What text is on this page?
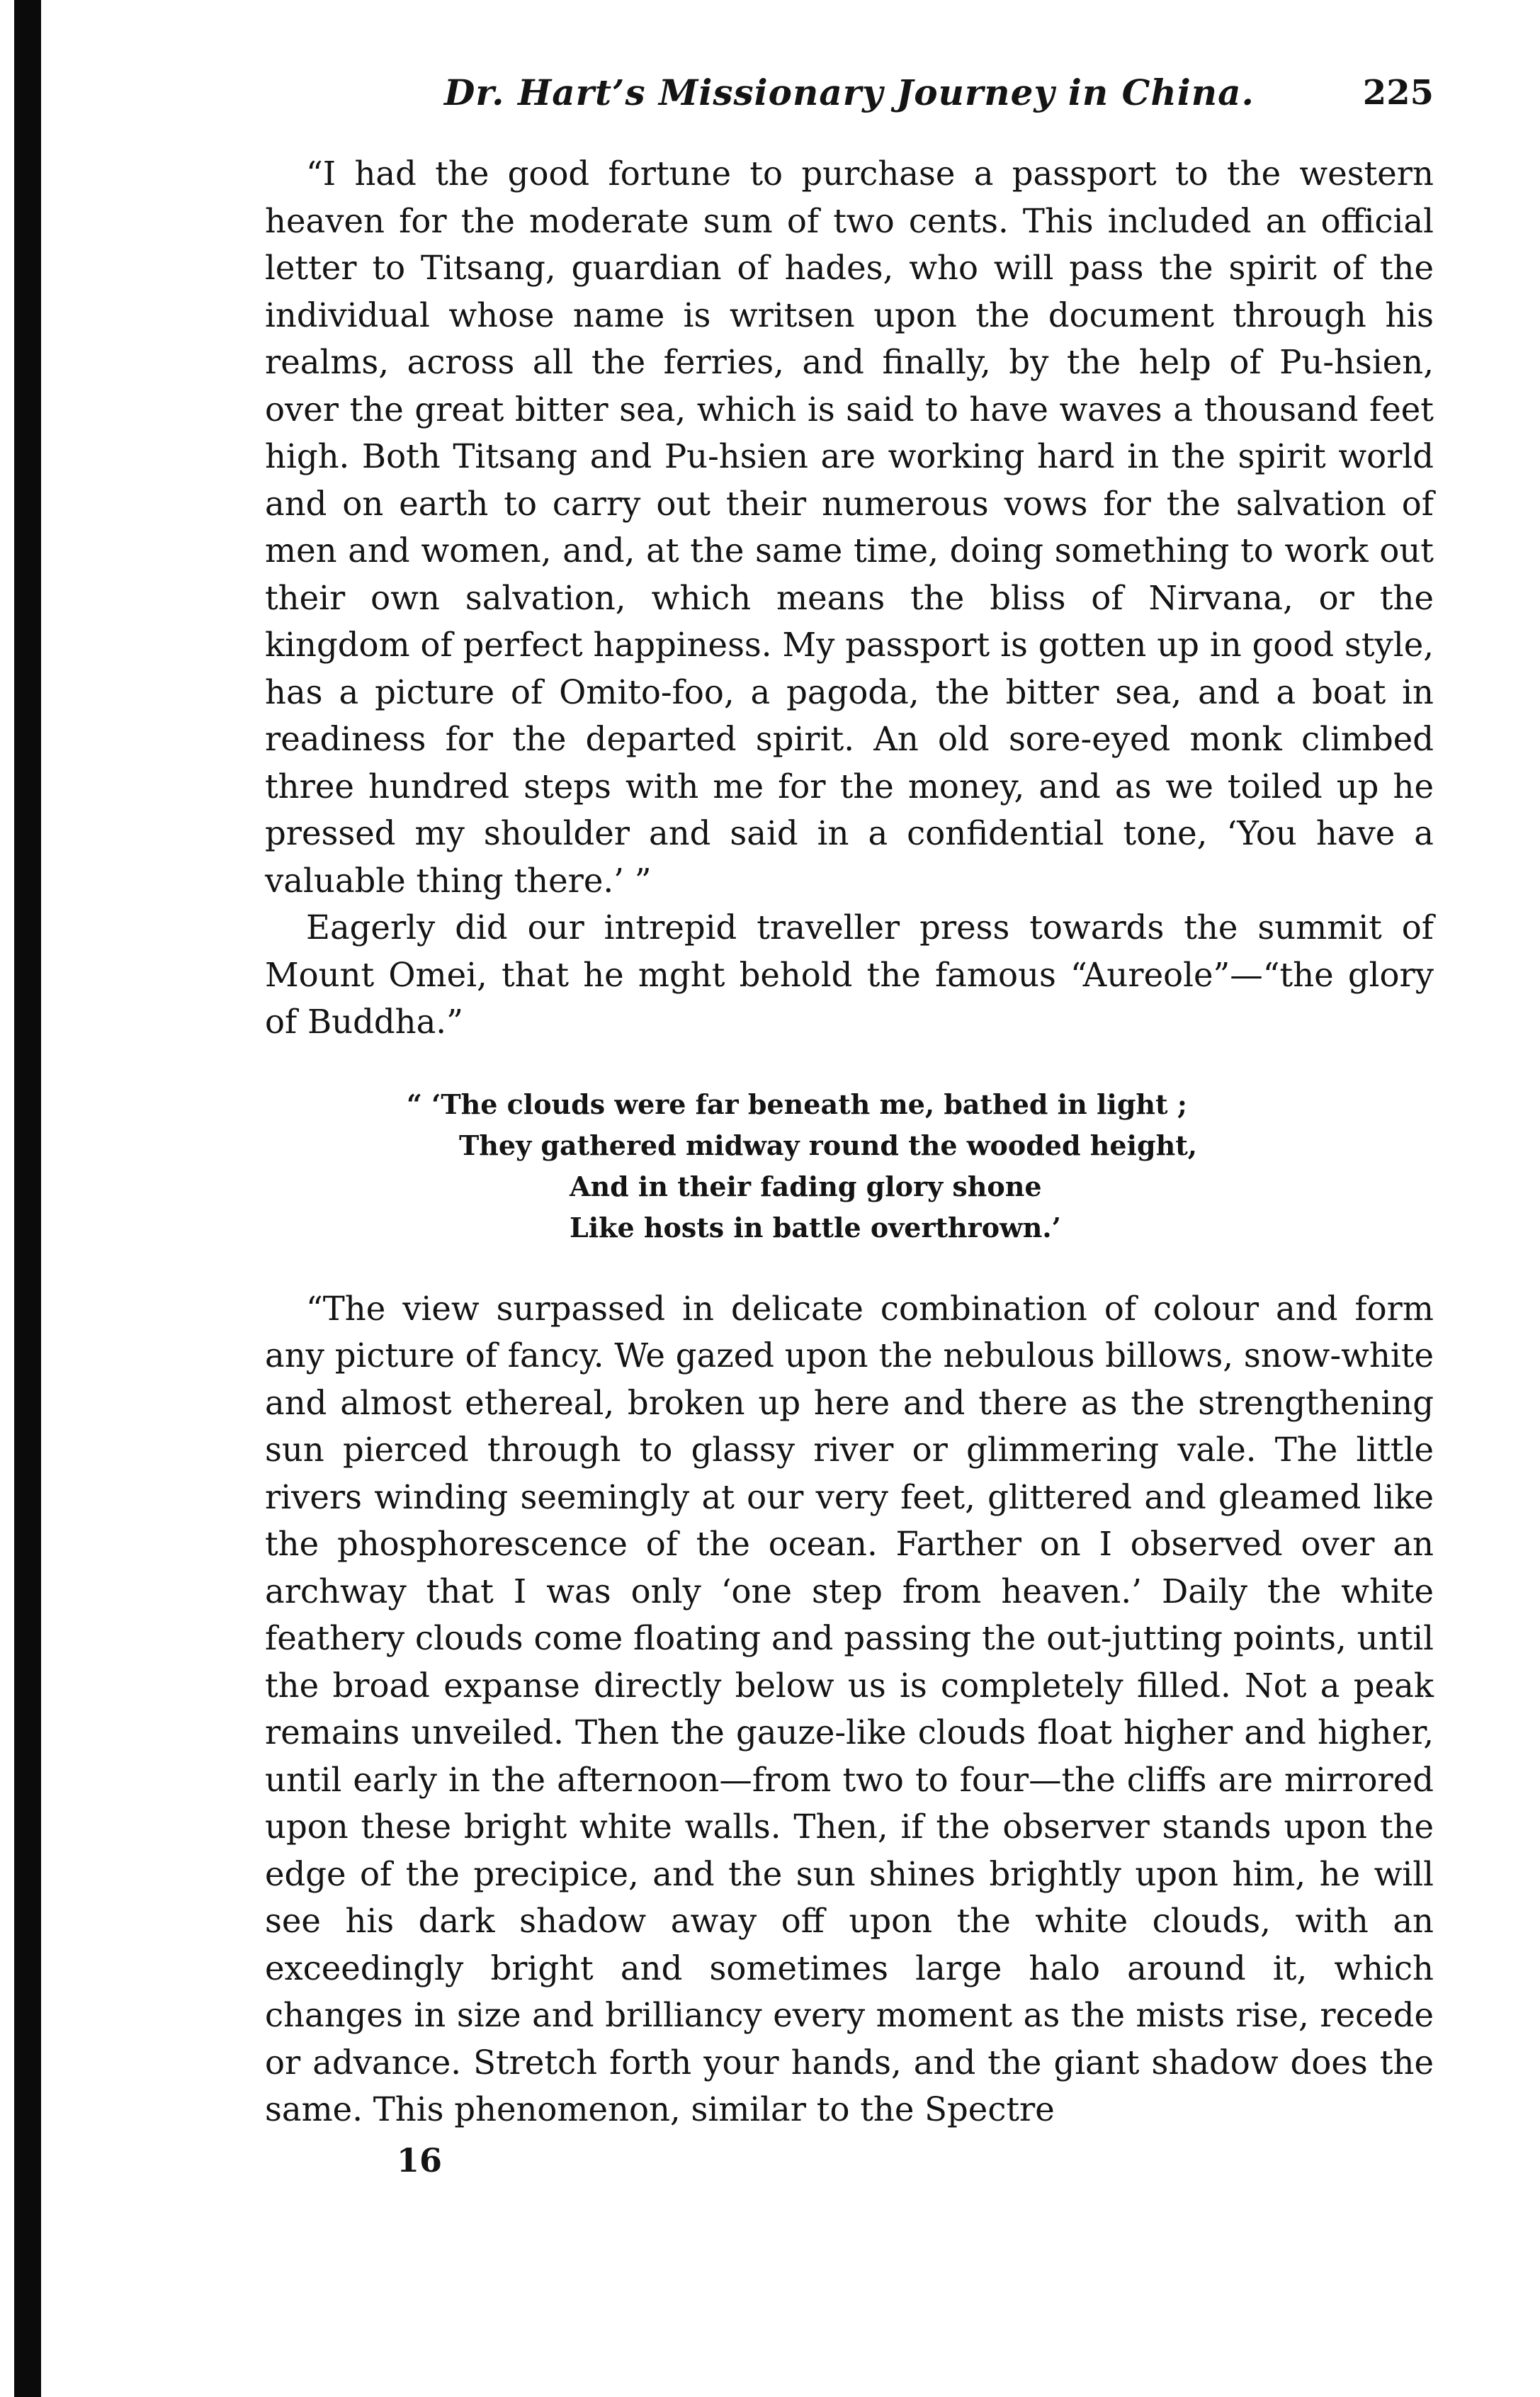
Dr. Hart’s Missionary Journey in China.	225

“I had the good fortune to purchase a passport to the western heaven for the moderate sum of two cents. This included an official letter to Titsang, guardian of hades, who will pass the spirit of the individual whose name is writsen upon the document through his realms, across all the ferries, and finally, by the help of Pu-hsien, over the great bitter sea, which is said to have waves a thousand feet high. Both Titsang and Pu-hsien are working hard in the spirit world and on earth to carry out their numerous vows for the salvation of men and women, and, at the same time, doing something to work out their own salvation, which means the bliss of Nirvana, or the kingdom of perfect happiness. My passport is gotten up in good style, has a picture of Omito-foo, a pagoda, the bitter sea, and a boat in readiness for the departed spirit. An old sore-eyed monk climbed three hundred steps with me for the money, and as we toiled up he pressed my shoulder and said in a confidential tone, ‘You have a valuable thing there.’ ”

Eagerly did our intrepid traveller press towards the summit of Mount Omei, that he mght behold the famous “Aureole”—“the glory of Buddha.”

“ ‘The clouds were far beneath me, bathed in light ;
They gathered midway round the wooded height,
And in their fading glory shone
Like hosts in battle overthrown.’

“The view surpassed in delicate combination of colour and form any picture of fancy. We gazed upon the nebulous billows, snow-white and almost ethereal, broken up here and there as the strengthening sun pierced through to glassy river or glimmering vale. The little rivers winding seemingly at our very feet, glittered and gleamed like the phosphorescence of the ocean. Farther on I observed over an archway that I was only ‘one step from heaven.’ Daily the white feathery clouds come floating and passing the out-jutting points, until the broad expanse directly below us is completely filled. Not a peak remains unveiled. Then the gauze-like clouds float higher and higher, until early in the afternoon—from two to four—the cliffs are mirrored upon these bright white walls. Then, if the observer stands upon the edge of the precipice, and the sun shines brightly upon him, he will see his dark shadow away off upon the white clouds, with an exceedingly bright and sometimes large halo around it, which changes in size and brilliancy every moment as the mists rise, recede or advance. Stretch forth your hands, and the giant shadow does the same. This phenomenon, similar to the Spectre

16
